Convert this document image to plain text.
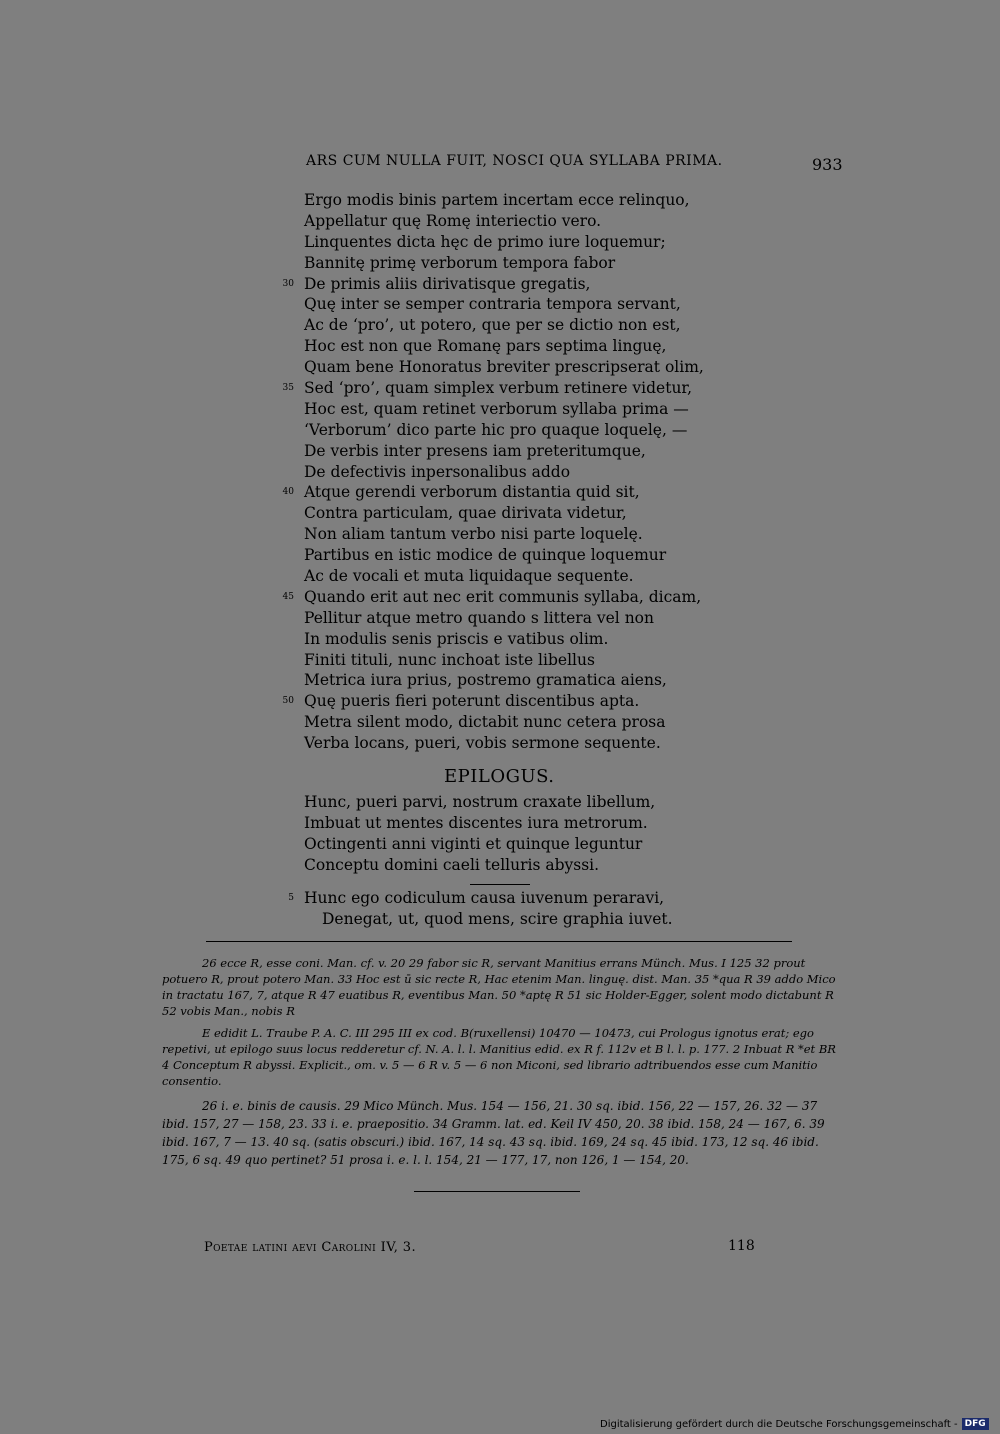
ARS CUM NULLA FUIT, NOSCI QUA SYLLABA PRIMA.	933
Ergo modis binis partem incertam ecce relinquo,
Appellatur quę Romę interiectio vero.
Linquentes dicta hęc de primo iure loquemur;
Bannitę primę verborum tempora fabor
30 De primis aliis dirivatisque gregatis,
Quę inter se semper contraria tempora servant,
Ac de ‘pro’, ut potero, que per se dictio non est,
Hoc est non que Romanę pars septima linguę,
Quam bene Honoratus breviter prescripserat olim,
35 Sed ‘pro’, quam simplex verbum retinere videtur,
Hoc est, quam retinet verborum syllaba prima —
‘Verborum’ dico parte hic pro quaque loquelę, —
De verbis inter presens iam preteritumque,
De defectivis inpersonalibus addo
40 Atque gerendi verborum distantia quid sit,
Contra particulam, quae dirivata videtur,
Non aliam tantum verbo nisi parte loquelę.
Partibus en istic modice de quinque loquemur
Ac de vocali et muta liquidaque sequente.
45 Quando erit aut nec erit communis syllaba, dicam,
Pellitur atque metro quando s littera vel non
In modulis senis priscis e vatibus olim.
Finiti tituli, nunc inchoat iste libellus
Metrica iura prius, postremo gramatica aiens,
50 Quę pueris fieri poterunt discentibus apta.
Metra silent modo, dictabit nunc cetera prosa
Verba locans, pueri, vobis sermone sequente.
EPILOGUS.
Hunc, pueri parvi, nostrum craxate libellum,
Imbuat ut mentes discentes iura metrorum.
Octingenti anni viginti et quinque leguntur
Conceptu domini caeli telluris abyssi.
5 Hunc ego codiculum causa iuvenum peraravi,
Denegat, ut, quod mens, scire graphia iuvet.

26 ecce R, esse coni. Man. cf. v. 20 29 fabor sic R, servant Manitius errans Münch. Mus. I 125 32 prout potuero R, prout potero Man. 33 Hoc est ū sic recte R, Hac etenim Man. linguę. dist. Man. 35 *qua R 39 addo Mico in tractatu 167, 7, atque R 47 euatibus R, eventibus Man. 50 *aptę R 51 sic Holder-Egger, solent modo dictabunt R 52 vobis Man., nobis R

E edidit L. Traube P. A. C. III 295 III ex cod. B(ruxellensi) 10470 — 10473, cui Prologus ignotus erat; ego repetivi, ut epilogo suus locus redderetur cf. N. A. l. l. Manitius edid. ex R f. 112v et B l. l. p. 177. 2 Inbuat R *et BR 4 Conceptum R abyssi. Explicit., om. v. 5 — 6 R v. 5 — 6 non Miconi, sed librario adtribuendos esse cum Manitio consentio.

26 i. e. binis de causis. 29 Mico Münch. Mus. 154 — 156, 21. 30 sq. ibid. 156, 22 — 157, 26. 32 — 37 ibid. 157, 27 — 158, 23. 33 i. e. praepositio. 34 Gramm. lat. ed. Keil IV 450, 20. 38 ibid. 158, 24 — 167, 6. 39 ibid. 167, 7 — 13. 40 sq. (satis obscuri.) ibid. 167, 14 sq. 43 sq. ibid. 169, 24 sq. 45 ibid. 173, 12 sq. 46 ibid. 175, 6 sq. 49 quo pertinet? 51 prosa i. e. l. l. 154, 21 — 177, 17, non 126, 1 — 154, 20.

Poetae latini aevi Carolini IV, 3.	118
Digitalisierung gefördert durch die Deutsche Forschungsgemeinschaft - DFG
